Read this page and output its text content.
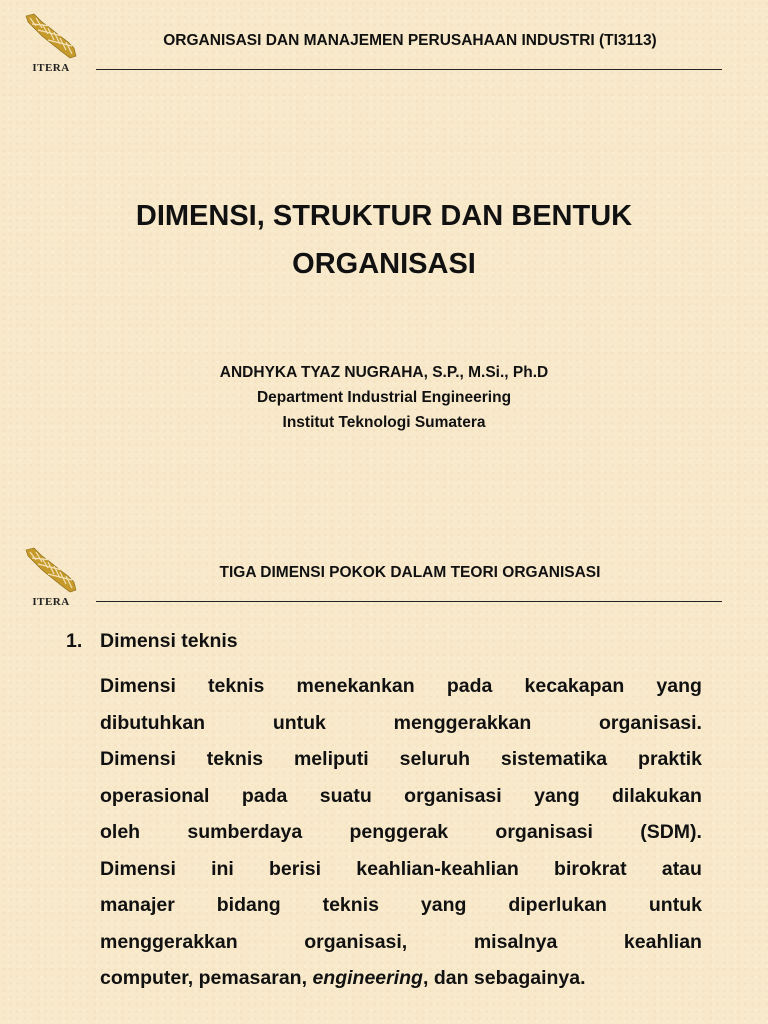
ITERA
ORGANISASI DAN MANAJEMEN PERUSAHAAN INDUSTRI (TI3113)
DIMENSI, STRUKTUR DAN BENTUK
ORGANISASI
ANDHYKA TYAZ NUGRAHA, S.P., M.Si., Ph.D
Department Industrial Engineering
Institut Teknologi Sumatera
ITERA
TIGA DIMENSI POKOK DALAM TEORI ORGANISASI
1. Dimensi teknis
Dimensi teknis menekankan pada kecakapan yang
dibutuhkan	untuk	menggerakkan	organisasi.
Dimensi teknis meliputi seluruh sistematika praktik
operasional pada suatu organisasi yang dilakukan
oleh sumberdaya penggerak organisasi (SDM).
Dimensi ini berisi keahlian-keahlian birokrat atau
manajer bidang teknis yang diperlukan untuk
menggerakkan	organisasi,	misalnya	keahlian
computer, pemasaran, engineering , dan sebagainya.
